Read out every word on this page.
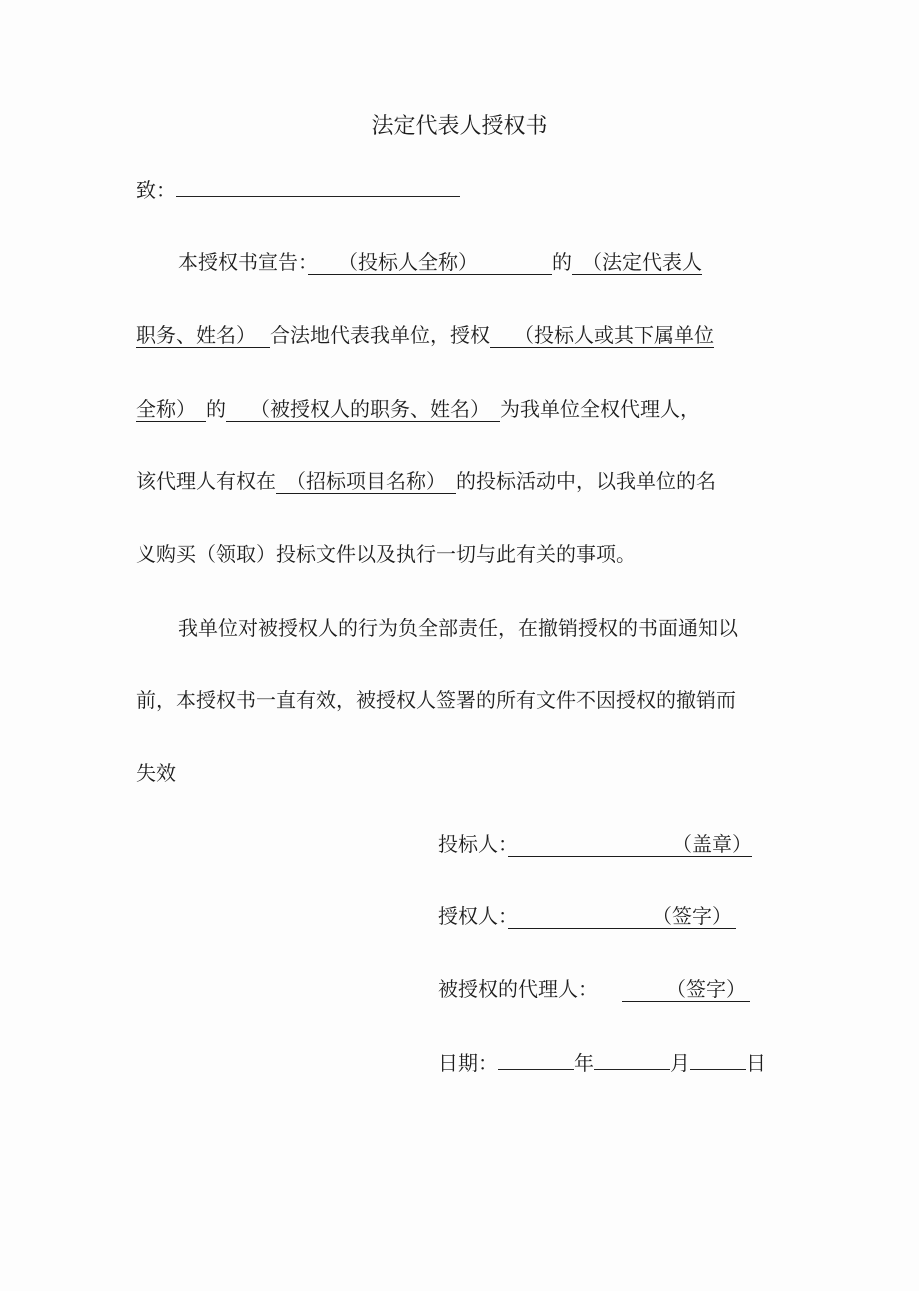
法定代表人授权书
致：
本授权书宣告：　　 （投标人全称）　　　　 	的　 （法定代表人
职务、姓名）　  合法地代表我单位，授权　  （投标人或其下属单位
全称）　 的　  （被授权人的职务、姓名）　 为我单位全权代理人，
该代理人有权在　 （招标项目名称）　 的投标活动中，以我单位的名
义购买（领取）投标文件以及执行一切与此有关的事项。
我单位对被授权人的行为负全部责任，在撤销授权的书面通知以
前，本授权书一直有效，被授权人签署的所有文件不因授权的撤销而
失效
投标人：　　　　　　　　 	（盖章）
授权人：　　　　　　　 	（签字） 
被授权的代理人：　　 	（签字） 
日期：	年	月	日
